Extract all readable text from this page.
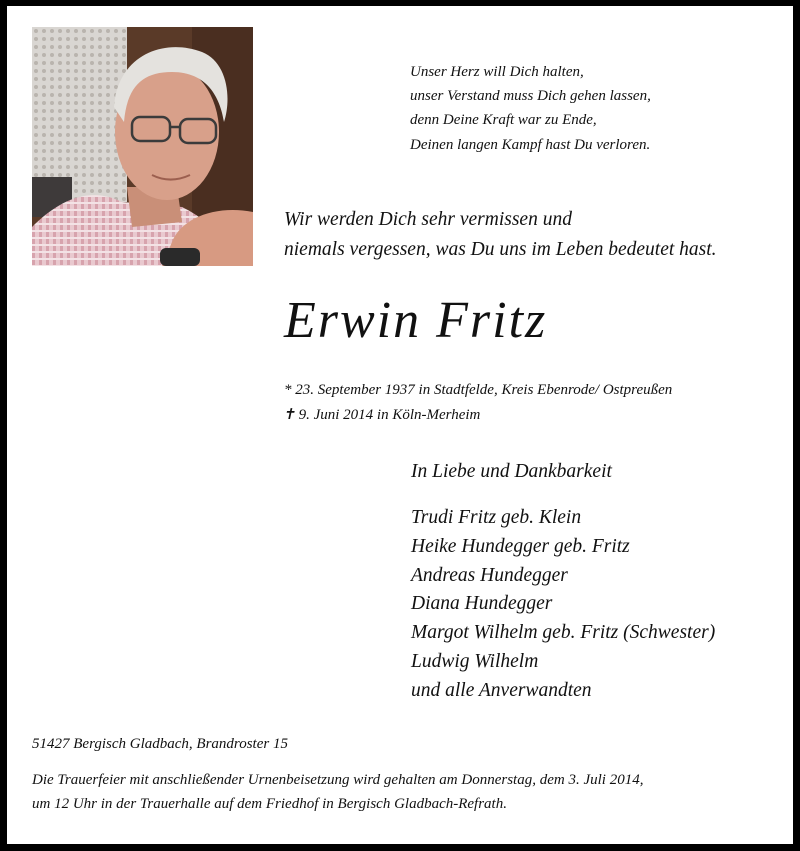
Unser Herz will Dich halten,
unser Verstand muss Dich gehen lassen,
denn Deine Kraft war zu Ende,
Deinen langen Kampf hast Du verloren.
Wir werden Dich sehr vermissen und
niemals vergessen, was Du uns im Leben bedeutet hast.
Erwin Fritz
* 23. September 1937 in Stadtfelde, Kreis Ebenrode/ Ostpreußen
✝9. Juni 2014 in Köln-Merheim
In Liebe und Dankbarkeit
Trudi Fritz geb. Klein
Heike Hundegger geb. Fritz
Andreas Hundegger
Diana Hundegger
Margot Wilhelm geb. Fritz (Schwester)
Ludwig Wilhelm
und alle Anverwandten
51427 Bergisch Gladbach, Brandroster 15
Die Trauerfeier mit anschließender Urnenbeisetzung wird gehalten am Donnerstag, dem 3. Juli 2014,
um 12 Uhr in der Trauerhalle auf dem Friedhof in Bergisch Gladbach-Refrath.
